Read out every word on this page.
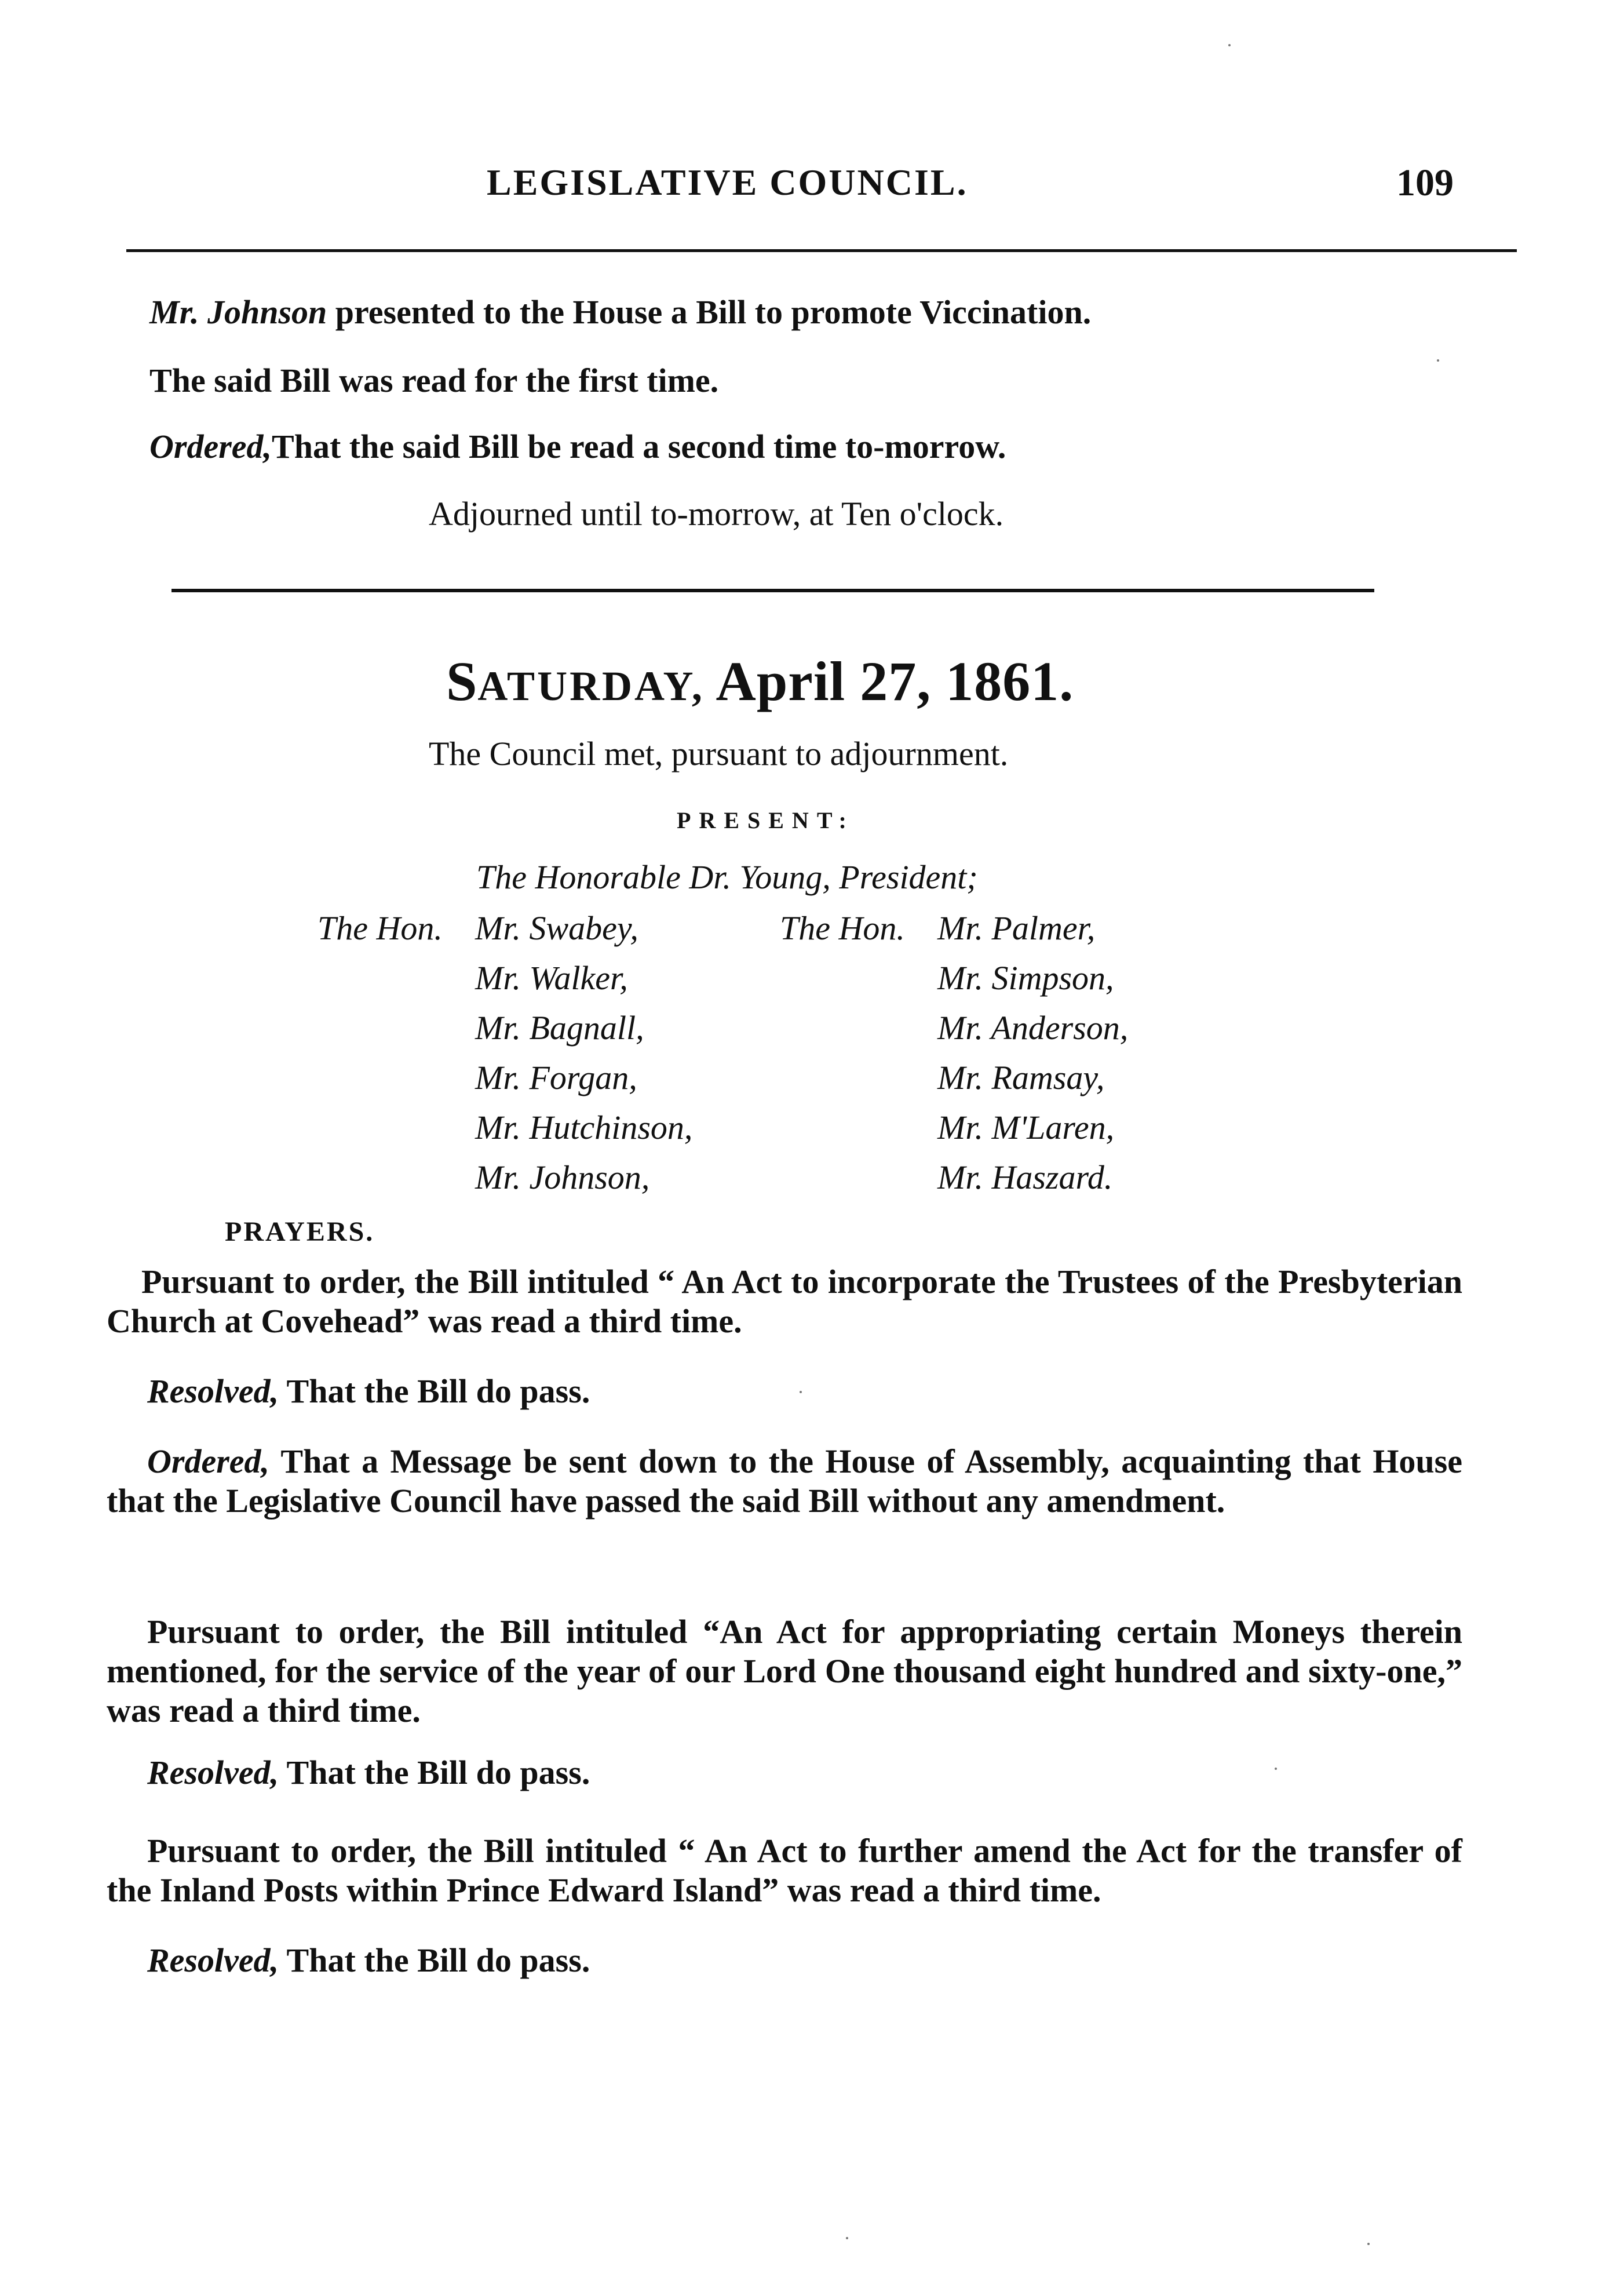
LEGISLATIVE COUNCIL.	109
Mr. Johnson presented to the House a Bill to promote Viccination.
The said Bill was read for the first time.
Ordered,That the said Bill be read a second time to-morrow.
Adjourned until to-morrow, at Ten o'clock.
SATURDAY, April 27, 1861.
The Council met, pursuant to adjournment.
PRESENT:
The Honorable Dr. Young, President;
The Hon. Mr. Swabey,
Mr. Walker,
Mr. Bagnall,
Mr. Forgan,
Mr. Hutchinson,
Mr. Johnson,
The Hon. Mr. Palmer,
Mr. Simpson,
Mr. Anderson,
Mr. Ramsay,
Mr. M'Laren,
Mr. Haszard.
PRAYERS.
Pursuant to order, the Bill intituled “ An Act to incorporate the Trustees of the Presbyterian Church at Covehead” was read a third time.
Resolved, That the Bill do pass.
Ordered, That a Message be sent down to the House of Assembly, acquainting that House that the Legislative Council have passed the said Bill without any amendment.
Pursuant to order, the Bill intituled “An Act for appropriating certain Moneys therein mentioned, for the service of the year of our Lord One thousand eight hundred and sixty-one,” was read a third time.
Resolved, That the Bill do pass.
Pursuant to order, the Bill intituled “ An Act to further amend the Act for the transfer of the Inland Posts within Prince Edward Island” was read a third time.
Resolved, That the Bill do pass.
